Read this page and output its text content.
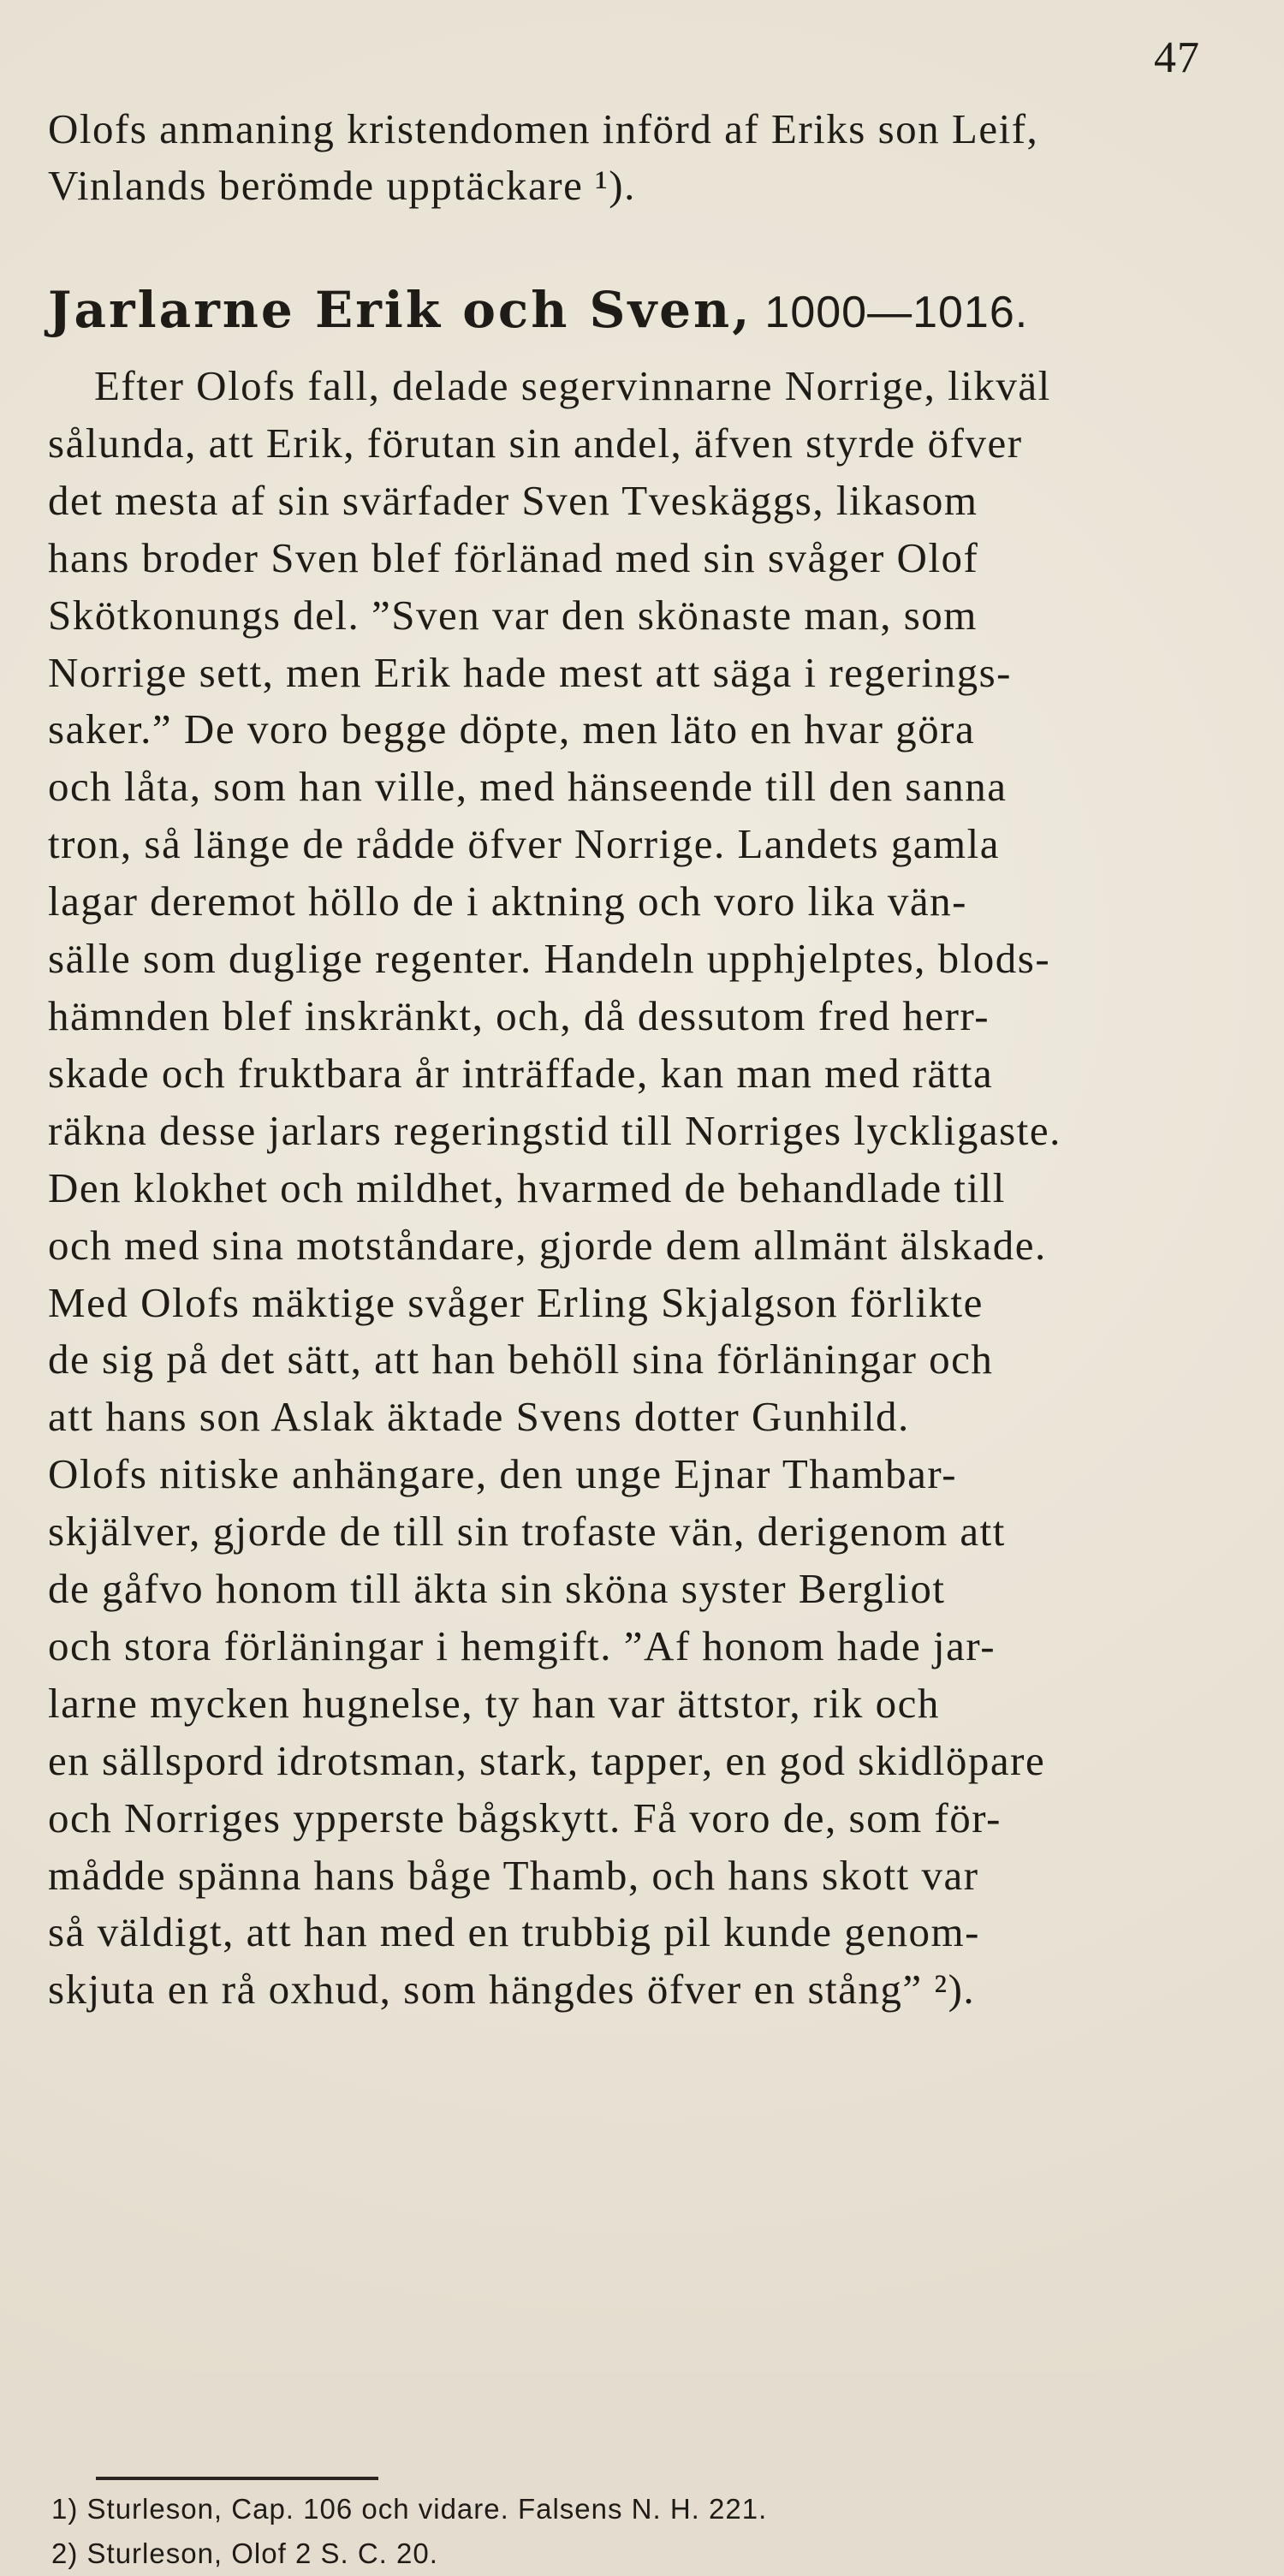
47
Olofs anmaning kristendomen införd af Eriks son Leif,
Vinlands berömde upptäckare ¹).
Jarlarne Erik och Sven, 1000—1016.
Efter Olofs fall, delade segervinnarne Norrige, likväl
sålunda, att Erik, förutan sin andel, äfven styrde öfver
det mesta af sin svärfader Sven Tveskäggs, likasom
hans broder Sven blef förlänad med sin svåger Olof
Skötkonungs del. ”Sven var den skönaste man, som
Norrige sett, men Erik hade mest att säga i regerings-
saker.” De voro begge döpte, men läto en hvar göra
och låta, som han ville, med hänseende till den sanna
tron, så länge de rådde öfver Norrige. Landets gamla
lagar deremot höllo de i aktning och voro lika vän-
sälle som duglige regenter. Handeln upphjelptes, blods-
hämnden blef inskränkt, och, då dessutom fred herr-
skade och fruktbara år inträffade, kan man med rätta
räkna desse jarlars regeringstid till Norriges lyckligaste.
Den klokhet och mildhet, hvarmed de behandlade till
och med sina motståndare, gjorde dem allmänt älskade.
Med Olofs mäktige svåger Erling Skjalgson förlikte
de sig på det sätt, att han behöll sina förläningar och
att hans son Aslak äktade Svens dotter Gunhild.
Olofs nitiske anhängare, den unge Ejnar Thambar-
skjälver, gjorde de till sin trofaste vän, derigenom att
de gåfvo honom till äkta sin sköna syster Bergliot
och stora förläningar i hemgift. ”Af honom hade jar-
larne mycken hugnelse, ty han var ättstor, rik och
en sällspord idrotsman, stark, tapper, en god skidlöpare
och Norriges ypperste bågskytt. Få voro de, som för-
mådde spänna hans båge Thamb, och hans skott var
så väldigt, att han med en trubbig pil kunde genom-
skjuta en rå oxhud, som hängdes öfver en stång” ²).
1) Sturleson, Cap. 106 och vidare. Falsens N. H. 221.
2) Sturleson, Olof 2 S. C. 20.
